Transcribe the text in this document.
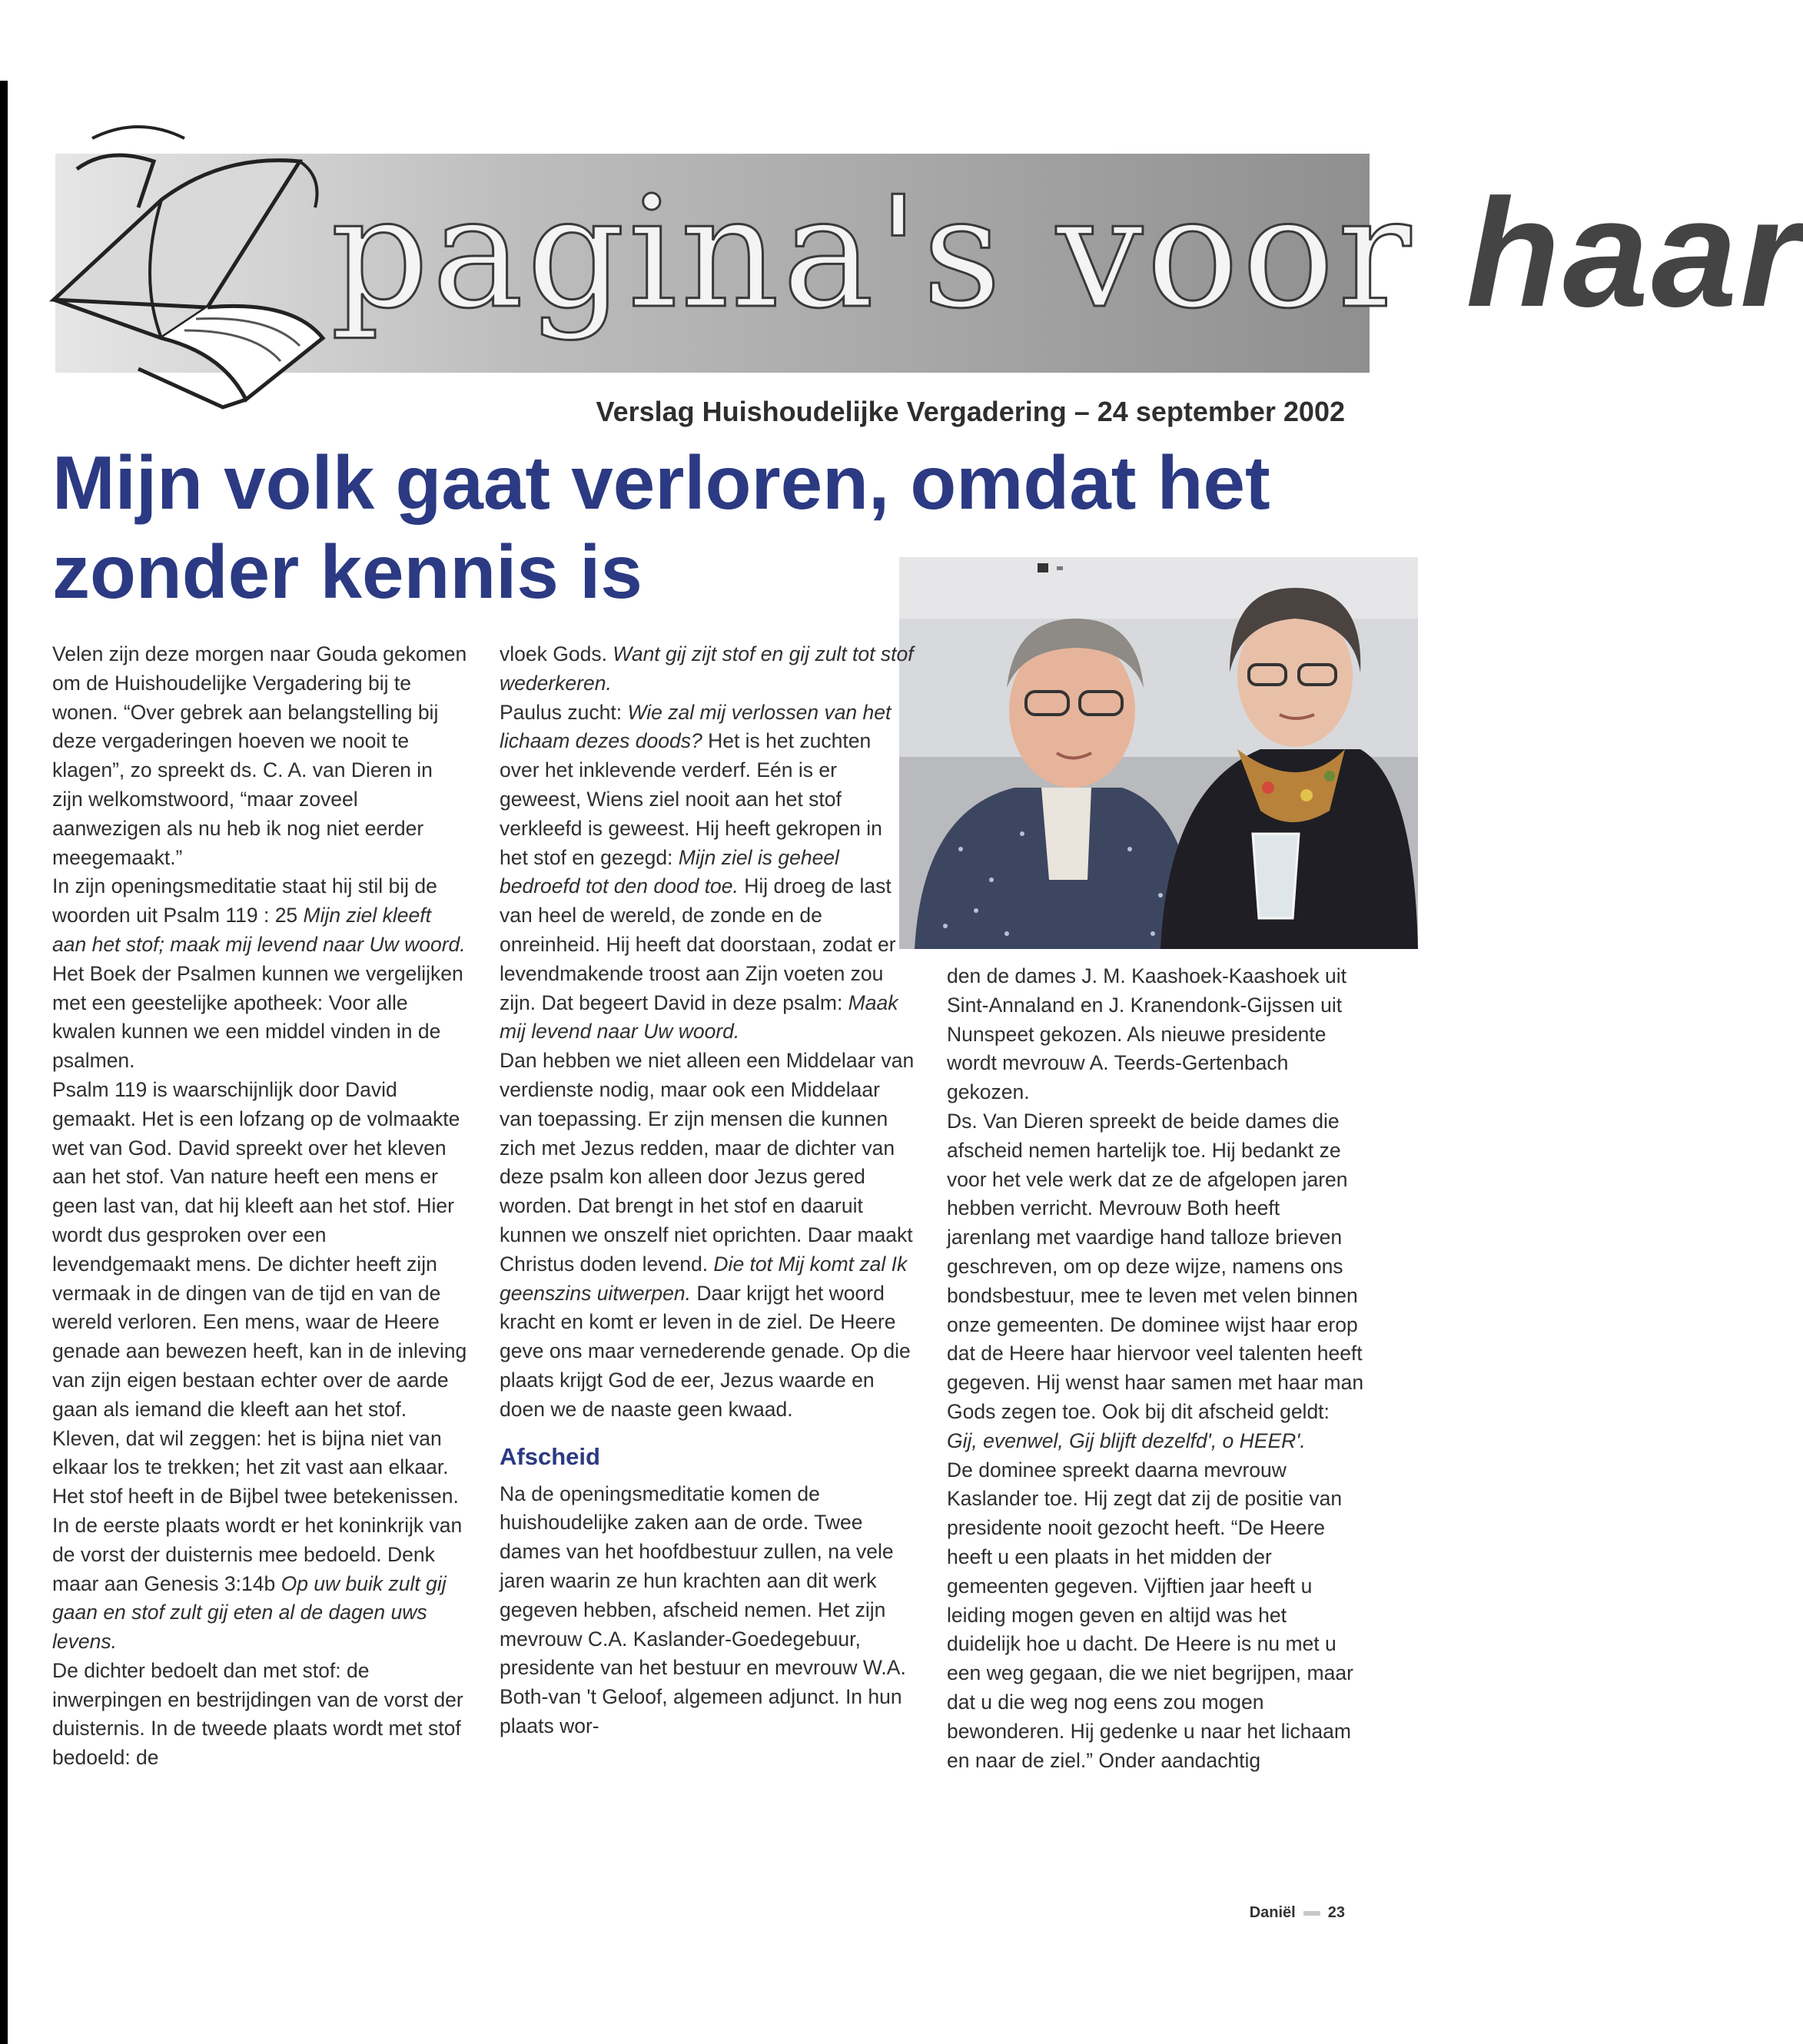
pagina's voor haar
Verslag Huishoudelijke Vergadering – 24 september 2002
Mijn volk gaat verloren, omdat het zonder kennis is

Velen zijn deze morgen naar Gouda gekomen om de Huishoudelijke Vergadering bij te wonen. “Over gebrek aan belangstelling bij deze vergaderingen hoeven we nooit te klagen”, zo spreekt ds. C. A. van Dieren in zijn welkomstwoord, “maar zoveel aanwezigen als nu heb ik nog niet eerder meegemaakt.”

In zijn openingsmeditatie staat hij stil bij de woorden uit Psalm 119 : 25 Mijn ziel kleeft aan het stof; maak mij levend naar Uw woord. Het Boek der Psalmen kunnen we vergelijken met een geestelijke apotheek: Voor alle kwalen kunnen we een middel vinden in de psalmen.

Psalm 119 is waarschijnlijk door David gemaakt. Het is een lofzang op de volmaakte wet van God. David spreekt over het kleven aan het stof. Van nature heeft een mens er geen last van, dat hij kleeft aan het stof. Hier wordt dus gesproken over een levendgemaakt mens. De dichter heeft zijn vermaak in de dingen van de tijd en van de wereld verloren. Een mens, waar de Heere genade aan bewezen heeft, kan in de inleving van zijn eigen bestaan echter over de aarde gaan als iemand die kleeft aan het stof. Kleven, dat wil zeggen: het is bijna niet van elkaar los te trekken; het zit vast aan elkaar. Het stof heeft in de Bijbel twee betekenissen. In de eerste plaats wordt er het koninkrijk van de vorst der duisternis mee bedoeld. Denk maar aan Genesis 3:14b Op uw buik zult gij gaan en stof zult gij eten al de dagen uws levens.

De dichter bedoelt dan met stof: de inwerpingen en bestrijdingen van de vorst der duisternis. In de tweede plaats wordt met stof bedoeld: de

vloek Gods. Want gij zijt stof en gij zult tot stof wederkeren.

Paulus zucht: Wie zal mij verlossen van het lichaam dezes doods? Het is het zuchten over het inklevende verderf. Eén is er geweest, Wiens ziel nooit aan het stof verkleefd is geweest. Hij heeft gekropen in het stof en gezegd: Mijn ziel is geheel bedroefd tot den dood toe. Hij droeg de last van heel de wereld, de zonde en de onreinheid. Hij heeft dat doorstaan, zodat er levendmakende troost aan Zijn voeten zou zijn. Dat begeert David in deze psalm: Maak mij levend naar Uw woord.

Dan hebben we niet alleen een Middelaar van verdienste nodig, maar ook een Middelaar van toepassing. Er zijn mensen die kunnen zich met Jezus redden, maar de dichter van deze psalm kon alleen door Jezus gered worden. Dat brengt in het stof en daaruit kunnen we onszelf niet oprichten. Daar maakt Christus doden levend. Die tot Mij komt zal Ik geenszins uitwerpen. Daar krijgt het woord kracht en komt er leven in de ziel. De Heere geve ons maar vernederende genade. Op die plaats krijgt God de eer, Jezus waarde en doen we de naaste geen kwaad.

Afscheid

Na de openingsmeditatie komen de huishoudelijke zaken aan de orde. Twee dames van het hoofdbestuur zullen, na vele jaren waarin ze hun krachten aan dit werk gegeven hebben, afscheid nemen. Het zijn mevrouw C.A. Kaslander-Goedegebuur, presidente van het bestuur en mevrouw W.A. Both-van 't Geloof, algemeen adjunct. In hun plaats wor-

den de dames J. M. Kaashoek-Kaashoek uit Sint-Annaland en J. Kranendonk-Gijssen uit Nunspeet gekozen. Als nieuwe presidente wordt mevrouw A. Teerds-Gertenbach gekozen.

Ds. Van Dieren spreekt de beide dames die afscheid nemen hartelijk toe. Hij bedankt ze voor het vele werk dat ze de afgelopen jaren hebben verricht. Mevrouw Both heeft jarenlang met vaardige hand talloze brieven geschreven, om op deze wijze, namens ons bondsbestuur, mee te leven met velen binnen onze gemeenten. De dominee wijst haar erop dat de Heere haar hiervoor veel talenten heeft gegeven. Hij wenst haar samen met haar man Gods zegen toe. Ook bij dit afscheid geldt: Gij, evenwel, Gij blijft dezelfd', o HEER'.

De dominee spreekt daarna mevrouw Kaslander toe. Hij zegt dat zij de positie van presidente nooit gezocht heeft. “De Heere heeft u een plaats in het midden der gemeenten gegeven. Vijftien jaar heeft u leiding mogen geven en altijd was het duidelijk hoe u dacht. De Heere is nu met u een weg gegaan, die we niet begrijpen, maar dat u die weg nog eens zou mogen bewonderen. Hij gedenke u naar het lichaam en naar de ziel.” Onder aandachtig

Daniël 23
